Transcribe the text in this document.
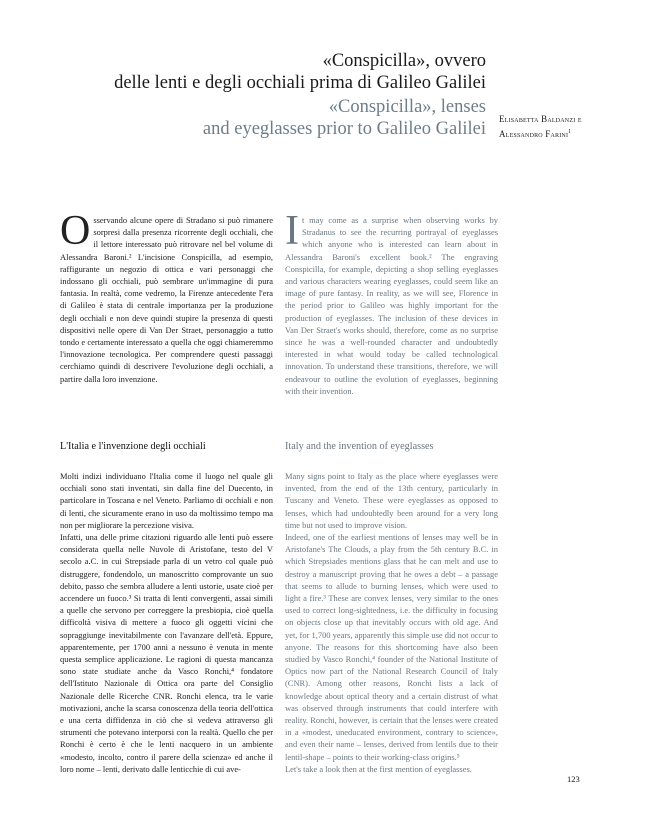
«Conspicilla», ovvero
delle lenti e degli occhiali prima di Galileo Galilei
«Conspicilla», lenses
and eyeglasses prior to Galileo Galilei Elisabetta Baldanzi e
Alessandro Farini$^1$
O sservando alcune opere di Stradano si può rimanere sorpresi dalla presenza ricorrente degli occhiali, che il lettore interessato può ritrovare nel bel volume di Alessandra Baroni.² L'incisione Conspicilla, ad esempio, raffigurante un negozio di ottica e vari personaggi che indossano gli occhiali, può sembrare un'immagine di pura fantasia. In realtà, come vedremo, la Firenze antecedente l'era di Galileo è stata di centrale importanza per la produzione degli occhiali e non deve quindi stupire la presenza di questi dispositivi nelle opere di Van Der Straet, personaggio a tutto tondo e certamente interessato a quella che oggi chiameremmo l'innovazione tecnologica. Per comprendere questi passaggi cerchiamo quindi di descrivere l'evoluzione degli occhiali, a partire dalla loro invenzione.

I t may come as a surprise when observing works by Stradanus to see the recurring portrayal of eyeglasses which anyone who is interested can learn about in Alessandra Baroni's excellent book.² The engraving Conspicilla, for example, depicting a shop selling eyeglasses and various characters wearing eyeglasses, could seem like an image of pure fantasy. In reality, as we will see, Florence in the period prior to Galileo was highly important for the production of eyeglasses. The inclusion of these devices in Van Der Straet's works should, therefore, come as no surprise since he was a well-rounded character and undoubtedly interested in what would today be called technological innovation. To understand these transitions, therefore, we will endeavour to outline the evolution of eyeglasses, beginning with their invention.

L'Italia e l'invenzione degli occhiali	Italy and the invention of eyeglasses

Molti indizi individuano l'Italia come il luogo nel quale gli occhiali sono stati inventati, sin dalla fine del Duecento, in particolare in Toscana e nel Veneto. Parliamo di occhiali e non di lenti, che sicuramente erano in uso da moltissimo tempo ma non per migliorare la percezione visiva.

Infatti, una delle prime citazioni riguardo alle lenti può essere considerata quella nelle Nuvole di Aristofane, testo del V secolo a.C. in cui Strepsiade parla di un vetro col quale può distruggere, fondendolo, un manoscritto comprovante un suo debito, passo che sembra alludere a lenti ustorie, usate cioè per accendere un fuoco.³ Si tratta di lenti convergenti, assai simili a quelle che servono per correggere la presbiopia, cioè quella difficoltà visiva di mettere a fuoco gli oggetti vicini che sopraggiunge inevitabilmente con l'avanzare dell'età. Eppure, apparentemente, per 1700 anni a nessuno è venuta in mente questa semplice applicazione. Le ragioni di questa mancanza sono state studiate anche da Vasco Ronchi,⁴ fondatore dell'Istituto Nazionale di Ottica ora parte del Consiglio Nazionale delle Ricerche CNR. Ronchi elenca, tra le varie motivazioni, anche la scarsa conoscenza della teoria dell'ottica e una certa diffidenza in ciò che si vedeva attraverso gli strumenti che potevano interporsi con la realtà. Quello che per Ronchi è certo è che le lenti nacquero in un ambiente «modesto, incolto, contro il parere della scienza» ed anche il loro nome – lenti, derivato dalle lenticchie di cui ave-

Many signs point to Italy as the place where eyeglasses were invented, from the end of the 13th century, particularly in Tuscany and Veneto. These were eyeglasses as opposed to lenses, which had undoubtedly been around for a very long time but not used to improve vision.

Indeed, one of the earliest mentions of lenses may well be in Aristofane's The Clouds, a play from the 5th century B.C. in which Strepsiades mentions glass that he can melt and use to destroy a manuscript proving that he owes a debt – a passage that seems to allude to burning lenses, which were used to light a fire.³ These are convex lenses, very similar to the ones used to correct long-sightedness, i.e. the difficulty in focusing on objects close up that inevitably occurs with old age. And yet, for 1,700 years, apparently this simple use did not occur to anyone. The reasons for this shortcoming have also been studied by Vasco Ronchi,⁴ founder of the National Institute of Optics now part of the National Research Council of Italy (CNR). Among other reasons, Ronchi lists a lack of knowledge about optical theory and a certain distrust of what was observed through instruments that could interfere with reality. Ronchi, however, is certain that the lenses were created in a «modest, uneducated environment, contrary to science», and even their name – lenses, derived from lentils due to their lentil-shape – points to their working-class origins.⁵

Let's take a look then at the first mention of eyeglasses.

123
